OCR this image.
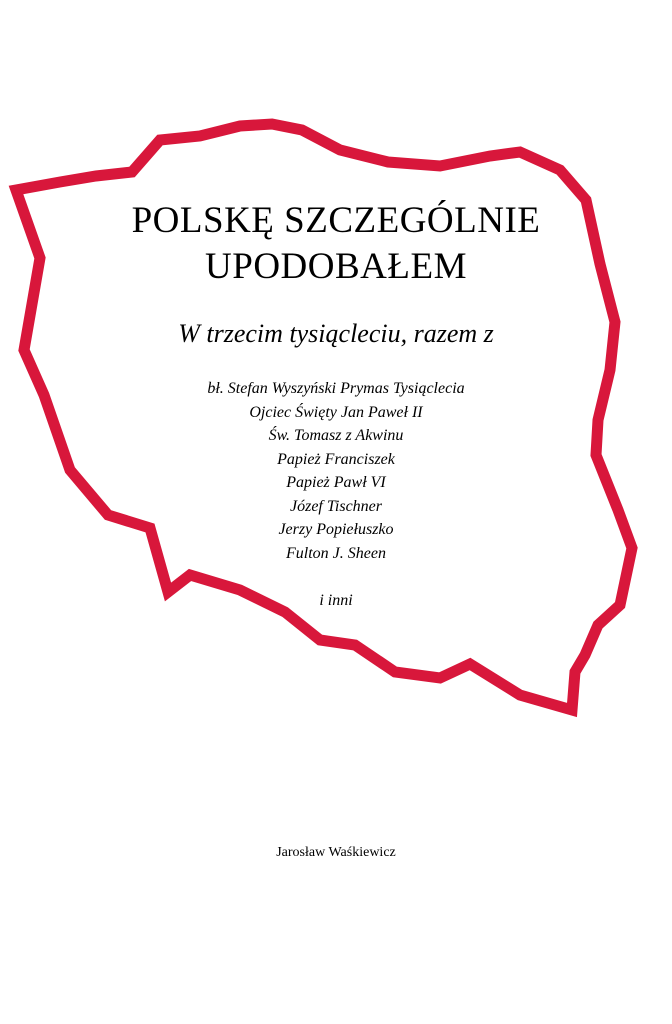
POLSKĘ SZCZEGÓLNIE
UPODOBAŁEM
W trzecim tysiącleciu, razem z
bł. Stefan Wyszyński Prymas Tysiąclecia
Ojciec Święty Jan Paweł II
Św. Tomasz z Akwinu
Papież Franciszek
Papież Pawł VI
Józef Tischner
Jerzy Popiełuszko
Fulton J. Sheen
i inni
Jarosław Waśkiewicz
